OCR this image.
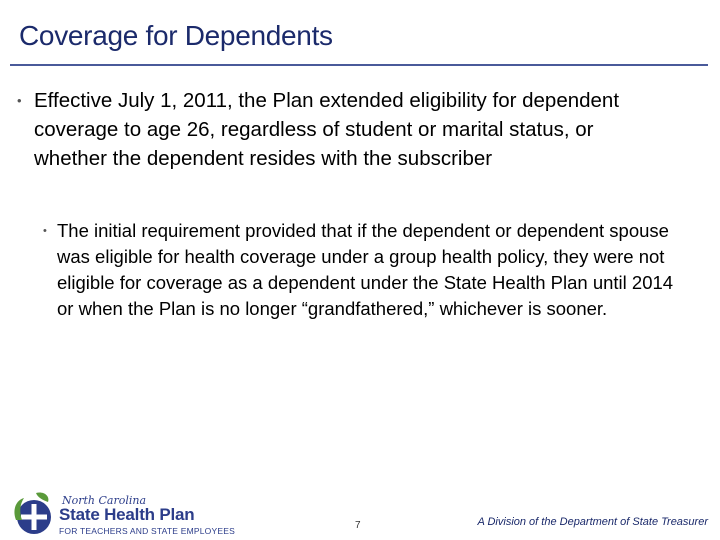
Coverage for Dependents
• Effective July 1, 2011, the Plan extended eligibility for dependent coverage to age 26, regardless of student or marital status, or whether the dependent resides with the subscriber
• The initial requirement provided that if the dependent or dependent spouse was eligible for health coverage under a group health policy, they were not eligible for coverage as a dependent under the State Health Plan until 2014 or when the Plan is no longer “grandfathered,” whichever is sooner.
North Carolina
State Health Plan
FOR TEACHERS AND STATE EMPLOYEES	7	A Division of the Department of State Treasurer
